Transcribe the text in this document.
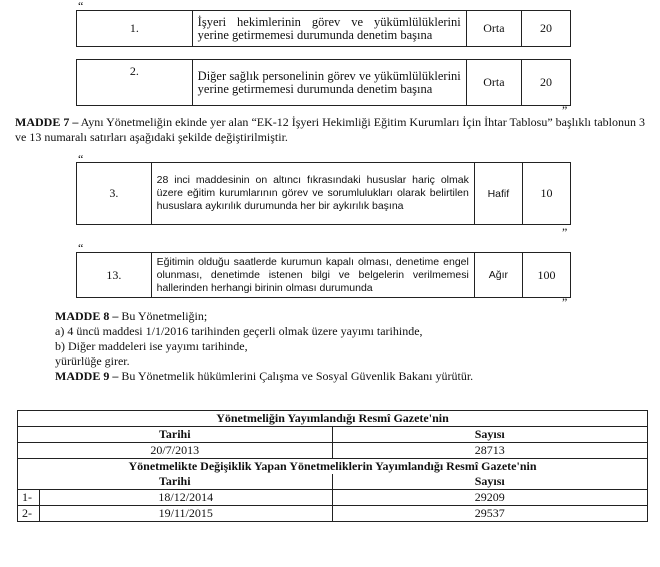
“
1.	İşyeri hekimlerinin görev ve yükümlülüklerini yerine getirmemesi durumunda denetim başına	Orta	20
2.	Diğer sağlık personelinin görev ve yükümlülüklerini yerine getirmemesi durumunda denetim başına	Orta	20
”
MADDE 7 – Aynı Yönetmeliğin ekinde yer alan “EK-12 İşyeri Hekimliği Eğitim Kurumları İçin İhtar Tablosu” başlıklı tablonun 3 ve 13 numaralı satırları aşağıdaki şekilde değiştirilmiştir.
“
3.	28 inci maddesinin on altıncı fıkrasındaki hususlar hariç olmak üzere eğitim kurumlarının görev ve sorumlulukları olarak belirtilen hususlara aykırılık durumunda her bir aykırılık başına	Hafif	10
”
“
13.	Eğitimin olduğu saatlerde kurumun kapalı olması, denetime engel olunması, denetimde istenen bilgi ve belgelerin verilmemesi hallerinden herhangi birinin olması durumunda	Ağır	100
”
MADDE 8 – Bu Yönetmeliğin;
a) 4 üncü maddesi 1/1/2016 tarihinden geçerli olmak üzere yayımı tarihinde,
b) Diğer maddeleri ise yayımı tarihinde,
yürürlüğe girer.
MADDE 9 – Bu Yönetmelik hükümlerini Çalışma ve Sosyal Güvenlik Bakanı yürütür.
Yönetmeliğin Yayımlandığı Resmî Gazete'nin		
Tarihi		Sayısı
20/7/2013		28713
Yönetmelikte Değişiklik Yapan Yönetmeliklerin Yayımlandığı Resmî Gazete'nin		
Tarihi		Sayısı
1-	18/12/2014	29209
2-	19/11/2015	29537
